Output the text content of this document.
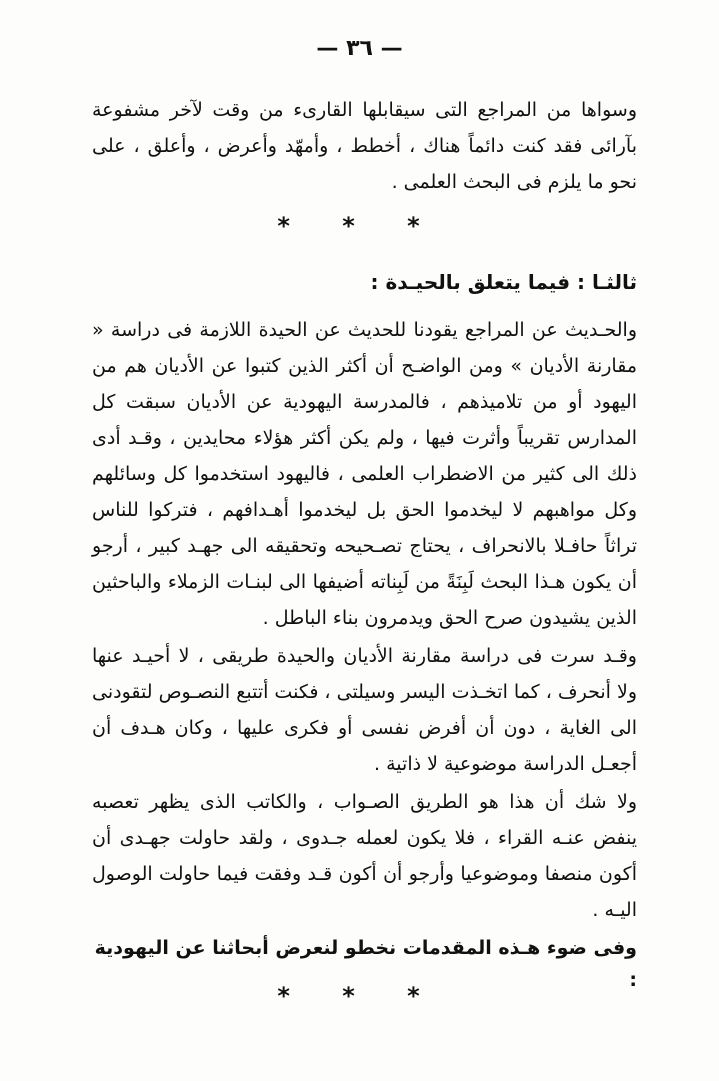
— ٣٦ —

وسواها من المراجع التى سيقابلها القارىء من وقت لآخر مشفوعة بآرائى فقد كنت دائماً هناك ، أخطط ، وأمهّد وأعرض ، وأعلق ، على نحو ما يلزم فى البحث العلمى .

* * *
ثالثـا : فيما يتعلق بالحيـدة :

والحـديث عن المراجع يقودنا للحديث عن الحيدة اللازمة فى دراسة « مقارنة الأديان » ومن الواضـح أن أكثر الذين كتبوا عن الأديان هم من اليهود أو من تلاميذهم ، فالمدرسة اليهودية عن الأديان سبقت كل المدارس تقريباً وأثرت فيها ، ولم يكن أكثر هؤلاء محايدين ، وقـد أدى ذلك الى كثير من الاضطراب العلمى ، فاليهود استخدموا كل وسائلهم وكل مواهبهم لا ليخدموا الحق بل ليخدموا أهـدافهم ، فتركوا للناس تراثاً حافـلا بالانحراف ، يحتاج تصـحيحه وتحقيقه الى جهـد كبير ، أرجو أن يكون هـذا البحث لَبِنَةً من لَبِناته أضيفها الى لبنـات الزملاء والباحثين الذين يشيدون صرح الحق ويدمرون بناء الباطل .

وقـد سرت فى دراسة مقارنة الأديان والحيدة طريقى ، لا أحيـد عنها ولا أنحرف ، كما اتخـذت اليسر وسيلتى ، فكنت أتتبع النصـوص لتقودنى الى الغاية ، دون أن أفرض نفسى أو فكرى عليها ، وكان هـدف أن أجعـل الدراسة موضوعية لا ذاتية .

ولا شك أن هذا هو الطريق الصـواب ، والكاتب الذى يظهر تعصبه ينفض عنـه القراء ، فلا يكون لعمله جـدوى ، ولقد حاولت جهـدى أن أكون منصفا وموضوعيا وأرجو أن أكون قـد وفقت فيما حاولت الوصول اليـه .

وفى ضوء هـذه المقدمات نخطو لنعرض أبحاثنا عن اليهودية :
* * *
